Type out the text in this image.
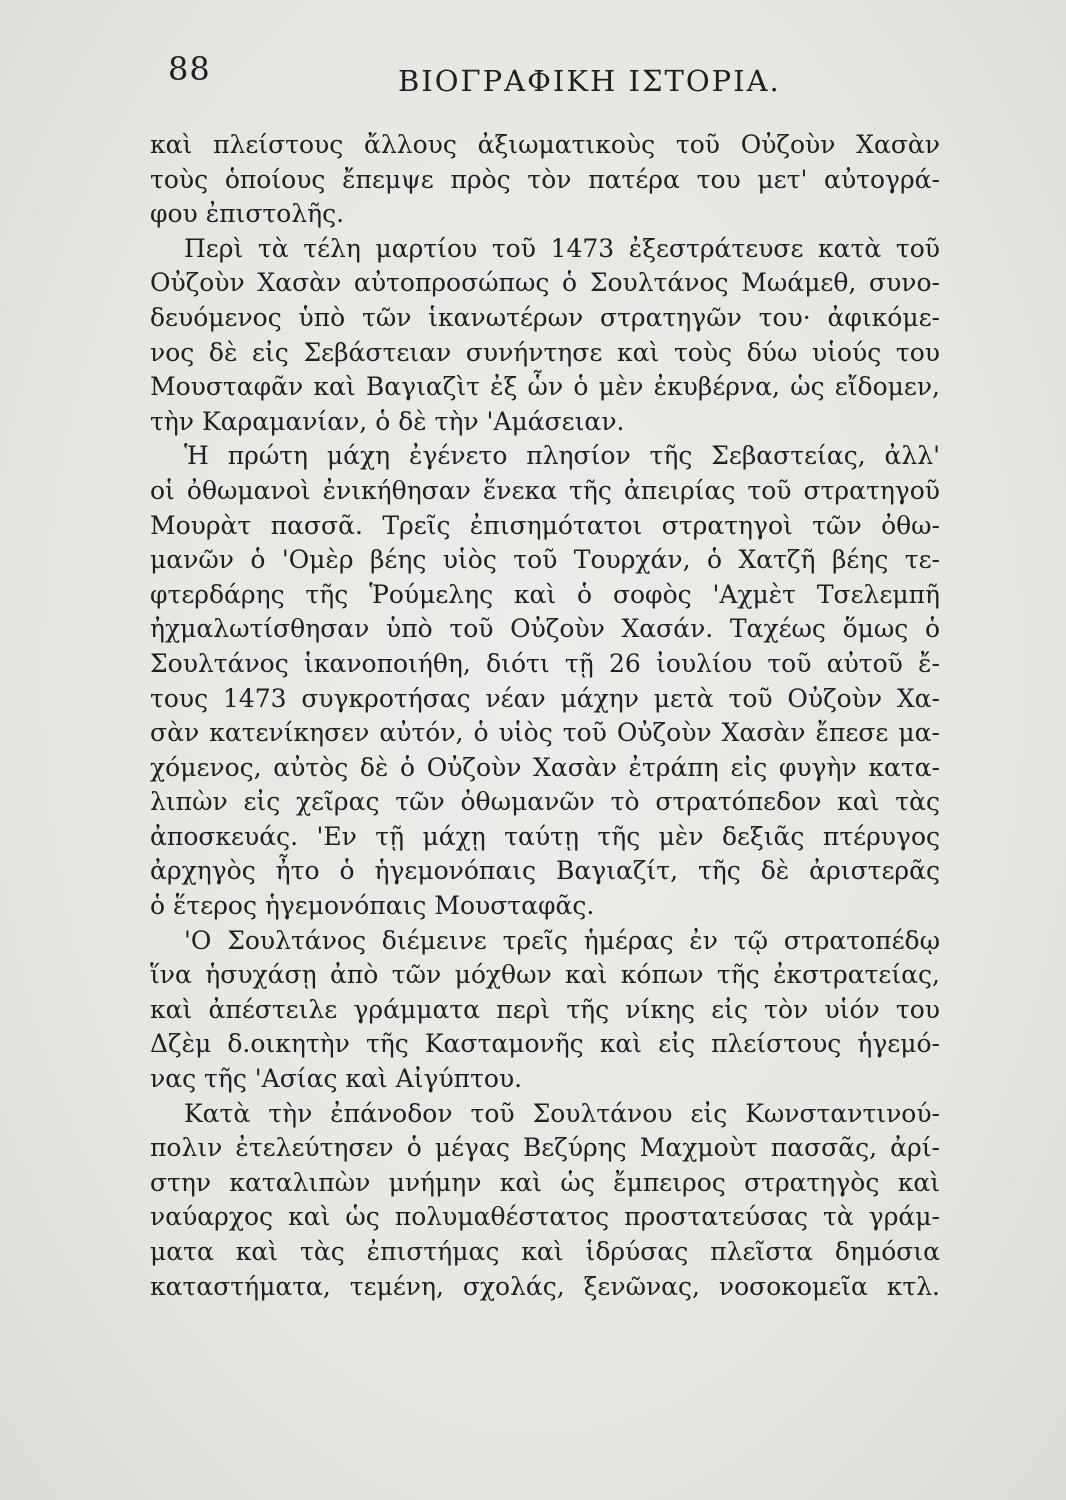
88	ΒΙΟΓΡΑΦΙΚΗ ΙΣΤΟΡΙΑ.
καὶ πλείστους ἄλλους ἀξιωματικοὺς τοῦ Οὐζοὺν Χασὰν
τοὺς ὁποίους ἔπεμψε πρὸς τὸν πατέρα του μετ' αὐτογρά-
φου ἐπιστολῆς.
Περὶ τὰ τέλη μαρτίου τοῦ 1473 ἐξεστράτευσε κατὰ τοῦ
Οὐζοὺν Χασὰν αὐτοπροσώπως ὁ Σουλτάνος Μωάμεθ, συνο-
δευόμενος ὑπὸ τῶν ἱκανωτέρων στρατηγῶν του· ἀφικόμε-
νος δὲ εἰς Σεβάστειαν συνήντησε καὶ τοὺς δύω υἱούς του
Μουσταφᾶν καὶ Βαγιαζὶτ ἐξ ὧν ὁ μὲν ἐκυβέρνα, ὡς εἴδομεν,
τὴν Καραμανίαν, ὁ δὲ τὴν 'Αμάσειαν.
Ἡ πρώτη μάχη ἐγένετο πλησίον τῆς Σεβαστείας, ἀλλ'
οἱ ὀθωμανοὶ ἐνικήθησαν ἕνεκα τῆς ἀπειρίας τοῦ στρατηγοῦ
Μουρὰτ πασσᾶ. Τρεῖς ἐπισημότατοι στρατηγοὶ τῶν ὀθω-
μανῶν ὁ 'Ομὲρ βέης υἱὸς τοῦ Τουρχάν, ὁ Χατζῆ βέης τε-
φτερδάρης τῆς Ῥούμελης καὶ ὁ σοφὸς 'Αχμὲτ Τσελεμπῆ
ἠχμαλωτίσθησαν ὑπὸ τοῦ Οὐζοὺν Χασάν. Ταχέως ὅμως ὁ
Σουλτάνος ἱκανοποιήθη, διότι τῇ 26 ἰουλίου τοῦ αὐτοῦ ἔ-
τους 1473 συγκροτήσας νέαν μάχην μετὰ τοῦ Οὐζοὺν Χα-
σὰν κατενίκησεν αὐτόν, ὁ υἱὸς τοῦ Οὐζοὺν Χασὰν ἔπεσε μα-
χόμενος, αὐτὸς δὲ ὁ Οὐζοὺν Χασὰν ἐτράπη εἰς φυγὴν κατα-
λιπὼν εἰς χεῖρας τῶν ὀθωμανῶν τὸ στρατόπεδον καὶ τὰς
ἀποσκευάς. 'Εν τῇ μάχῃ ταύτῃ τῆς μὲν δεξιᾶς πτέρυγος
ἀρχηγὸς ἦτο ὁ ἡγεμονόπαις Βαγιαζίτ, τῆς δὲ ἀριστερᾶς
ὁ ἕτερος ἡγεμονόπαις Μουσταφᾶς.
'Ο Σουλτάνος διέμεινε τρεῖς ἡμέρας ἐν τῷ στρατοπέδῳ
ἵνα ἡσυχάσῃ ἀπὸ τῶν μόχθων καὶ κόπων τῆς ἐκστρατείας,
καὶ ἀπέστειλε γράμματα περὶ τῆς νίκης εἰς τὸν υἱόν του
Δζὲμ δ.οικητὴν τῆς Κασταμονῆς καὶ εἰς πλείστους ἡγεμό-
νας τῆς 'Ασίας καὶ Αἰγύπτου.
Κατὰ τὴν ἐπάνοδον τοῦ Σουλτάνου εἰς Κωνσταντινού-
πολιν ἐτελεύτησεν ὁ μέγας Βεζύρης Μαχμοὺτ πασσᾶς, ἀρί-
στην καταλιπὼν μνήμην καὶ ὡς ἔμπειρος στρατηγὸς καὶ
ναύαρχος καὶ ὡς πολυμαθέστατος προστατεύσας τὰ γράμ-
ματα καὶ τὰς ἐπιστήμας καὶ ἱδρύσας πλεῖστα δημόσια
καταστήματα, τεμένη, σχολάς, ξενῶνας, νοσοκομεῖα κτλ.
